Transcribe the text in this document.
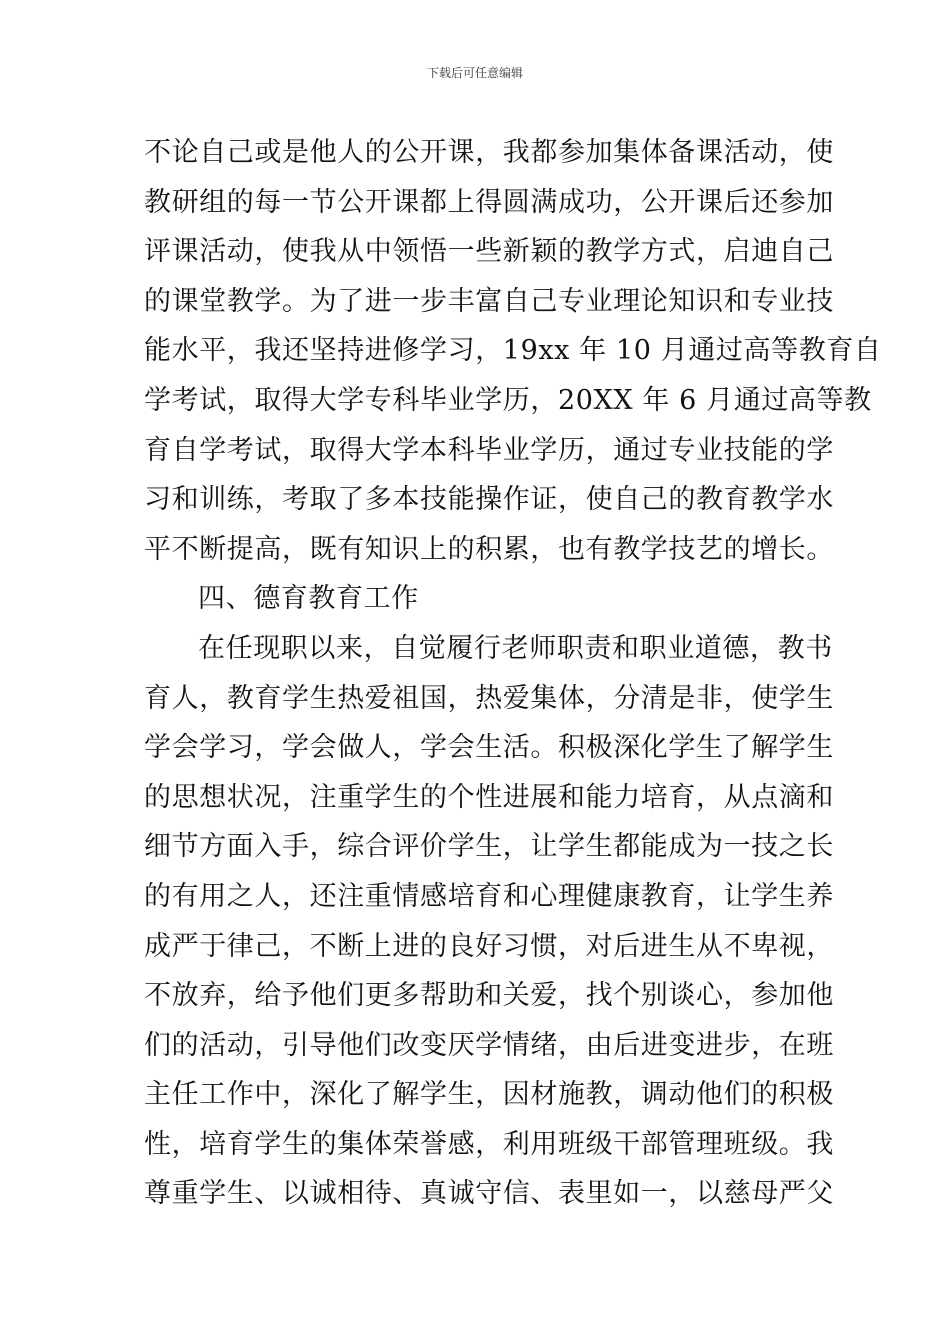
下载后可任意编辑
不论自己或是他人的公开课，我都参加集体备课活动，使
教研组的每一节公开课都上得圆满成功，公开课后还参加
评课活动，使我从中领悟一些新颖的教学方式，启迪自己
的课堂教学。为了进一步丰富自己专业理论知识和专业技
能水平，我还坚持进修学习，19xx 年 10 月通过高等教育自
学考试，取得大学专科毕业学历，20XX 年 6 月通过高等教
育自学考试，取得大学本科毕业学历，通过专业技能的学
习和训练，考取了多本技能操作证，使自己的教育教学水
平不断提高，既有知识上的积累，也有教学技艺的增长。
四、德育教育工作
在任现职以来，自觉履行老师职责和职业道德，教书
育人，教育学生热爱祖国，热爱集体，分清是非，使学生
学会学习，学会做人，学会生活。积极深化学生了解学生
的思想状况，注重学生的个性进展和能力培育，从点滴和
细节方面入手，综合评价学生，让学生都能成为一技之长
的有用之人，还注重情感培育和心理健康教育，让学生养
成严于律己，不断上进的良好习惯，对后进生从不卑视，
不放弃，给予他们更多帮助和关爱，找个别谈心，参加他
们的活动，引导他们改变厌学情绪，由后进变进步，在班
主任工作中，深化了解学生，因材施教，调动他们的积极
性，培育学生的集体荣誉感，利用班级干部管理班级。我
尊重学生、以诚相待、真诚守信、表里如一，以慈母严父
